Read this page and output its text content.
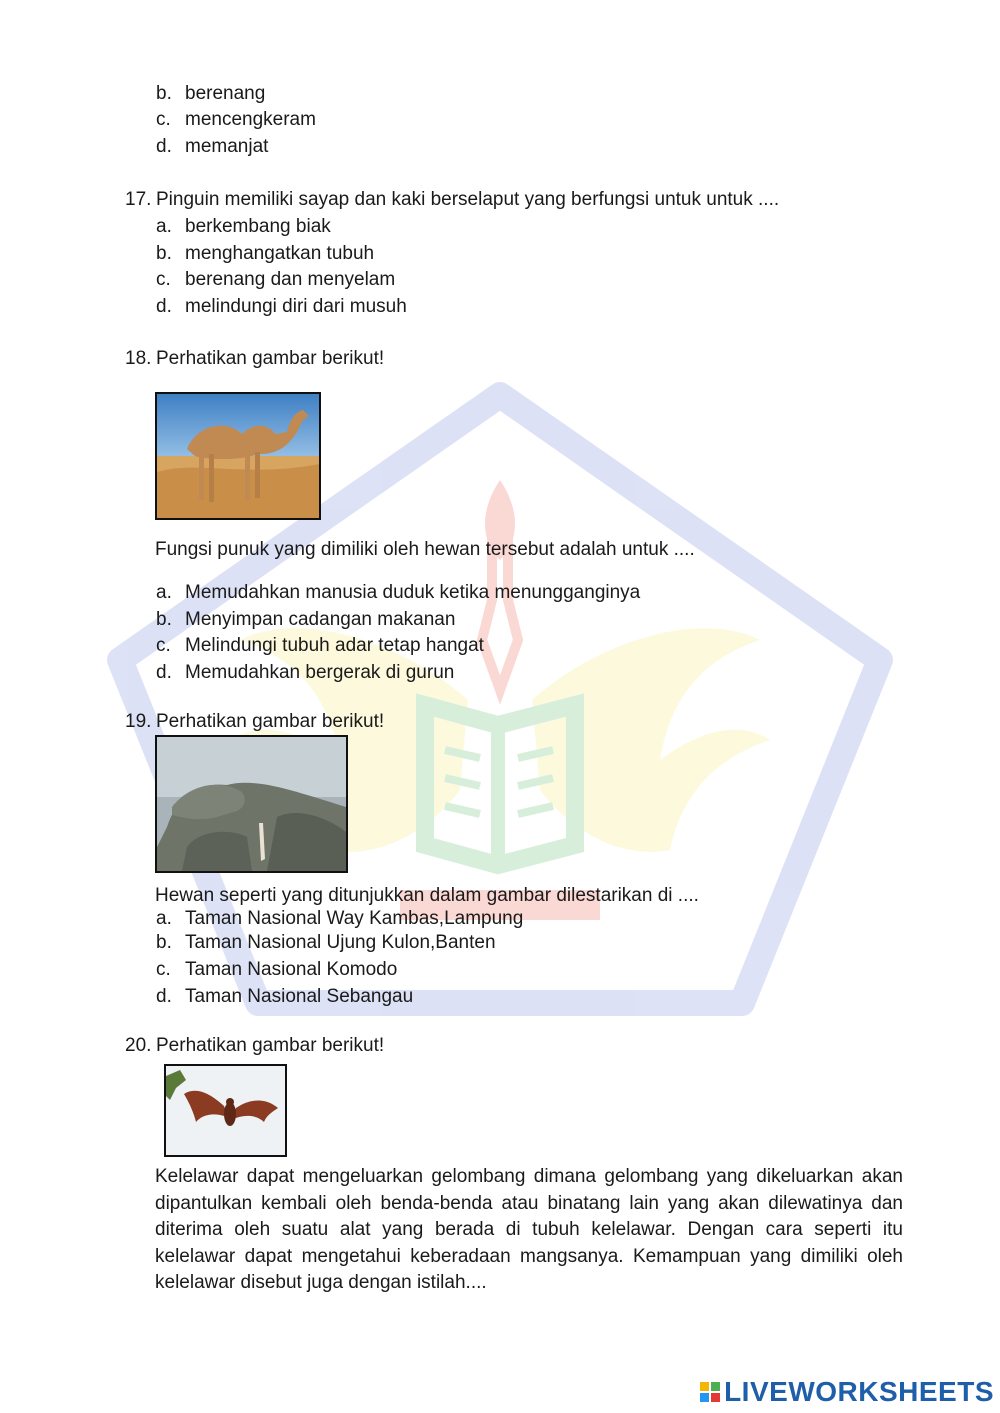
b. berenang
c. mencengkeram
d. memanjat
17. Pinguin memiliki sayap dan kaki berselaput yang berfungsi untuk untuk ....
a. berkembang biak
b. menghangatkan tubuh
c. berenang dan menyelam
d. melindungi diri dari musuh
18. Perhatikan gambar berikut!
Fungsi punuk yang dimiliki oleh hewan tersebut adalah untuk ....
a. Memudahkan manusia duduk ketika menungganginya
b. Menyimpan cadangan makanan
c. Melindungi tubuh adar tetap hangat
d. Memudahkan bergerak di gurun
19. Perhatikan gambar berikut!
Hewan seperti yang ditunjukkan dalam gambar dilestarikan di ....
a. Taman Nasional Way Kambas,Lampung
b. Taman Nasional Ujung Kulon,Banten
c. Taman Nasional Komodo
d. Taman Nasional Sebangau
20. Perhatikan gambar berikut!
Kelelawar dapat mengeluarkan gelombang dimana gelombang yang dikeluarkan akan dipantulkan kembali oleh benda-benda atau binatang lain yang akan dilewatinya dan diterima oleh suatu alat yang berada di tubuh kelelawar. Dengan cara seperti itu kelelawar dapat mengetahui keberadaan mangsanya. Kemampuan yang dimiliki oleh kelelawar disebut juga dengan istilah....
LIVEWORKSHEETS
